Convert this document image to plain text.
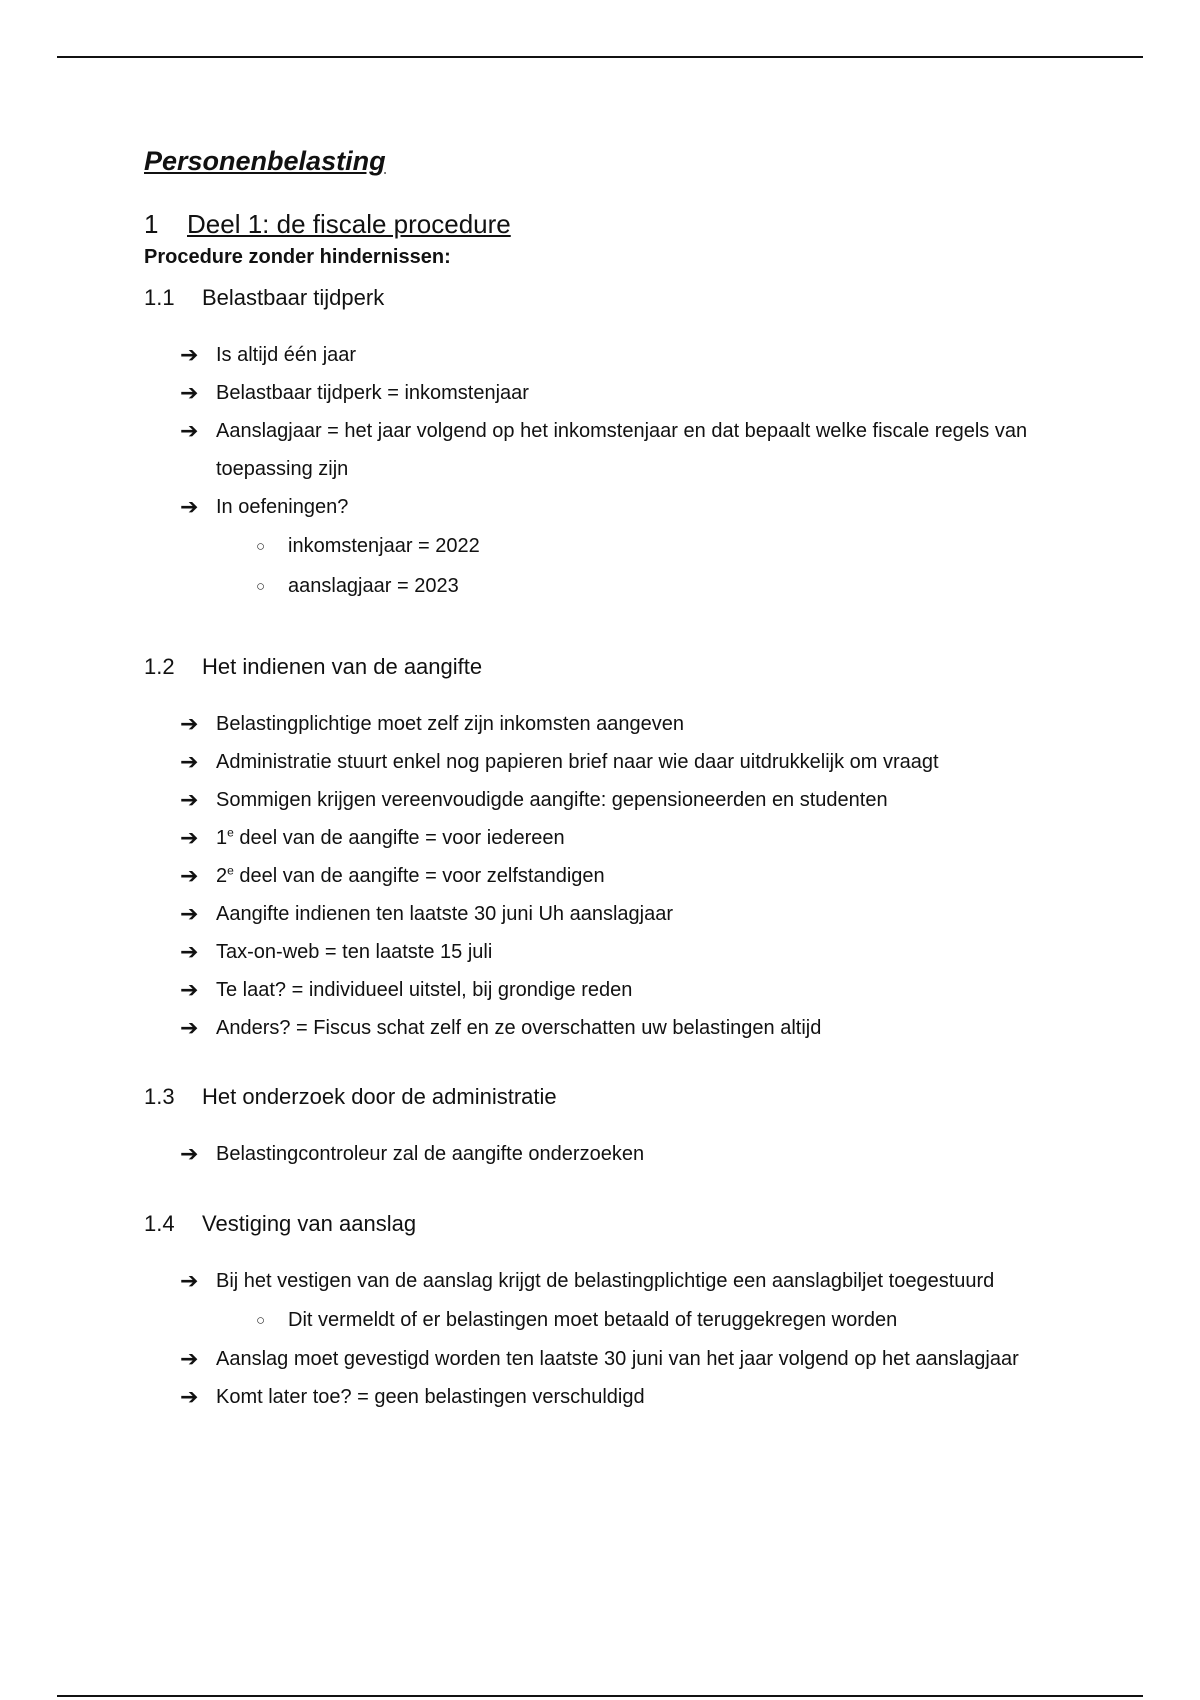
Personenbelasting
1	Deel 1: de fiscale procedure
Procedure zonder hindernissen:
1.1	Belastbaar tijdperk
➔ Is altijd één jaar
➔ Belastbaar tijdperk = inkomstenjaar
➔ Aanslagjaar = het jaar volgend op het inkomstenjaar en dat bepaalt welke fiscale regels van toepassing zijn
➔ In oefeningen?
○ inkomstenjaar = 2022
○ aanslagjaar = 2023
1.2	Het indienen van de aangifte
➔ Belastingplichtige moet zelf zijn inkomsten aangeven
➔ Administratie stuurt enkel nog papieren brief naar wie daar uitdrukkelijk om vraagt
➔ Sommigen krijgen vereenvoudigde aangifte: gepensioneerden en studenten
➔ 1e deel van de aangifte = voor iedereen
➔ 2e deel van de aangifte = voor zelfstandigen
➔ Aangifte indienen ten laatste 30 juni Uh aanslagjaar
➔ Tax-on-web = ten laatste 15 juli
➔ Te laat? = individueel uitstel, bij grondige reden
➔ Anders? = Fiscus schat zelf en ze overschatten uw belastingen altijd
1.3	Het onderzoek door de administratie
➔ Belastingcontroleur zal de aangifte onderzoeken
1.4	Vestiging van aanslag
➔ Bij het vestigen van de aanslag krijgt de belastingplichtige een aanslagbiljet toegestuurd
○ Dit vermeldt of er belastingen moet betaald of teruggekregen worden
➔ Aanslag moet gevestigd worden ten laatste 30 juni van het jaar volgend op het aanslagjaar
➔ Komt later toe? = geen belastingen verschuldigd
